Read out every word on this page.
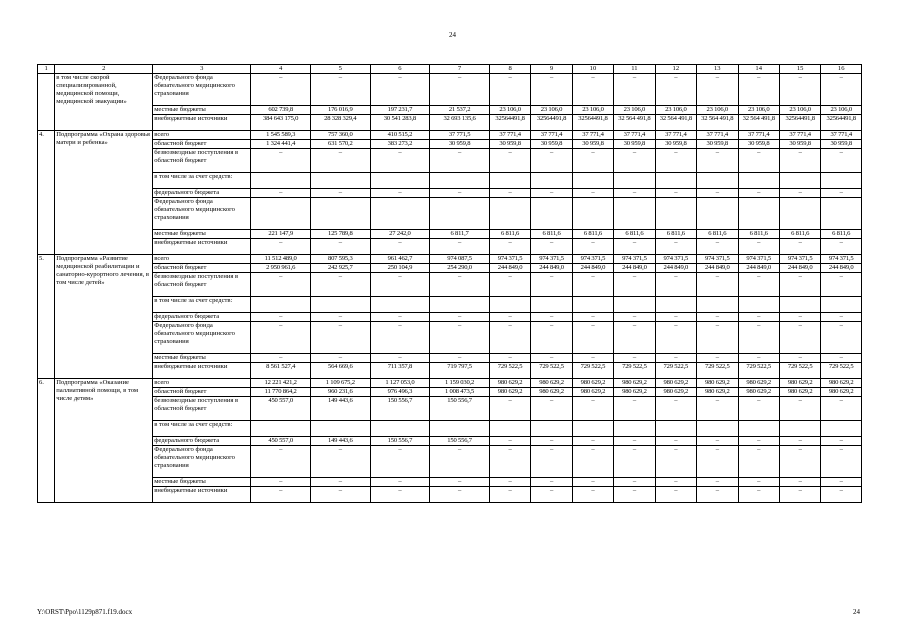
24
1	2	3	4	5	6	7	8	9	10	11	12	13	14	15	16

	в том числе скорой специализированной, медицинской помощи, медицинской эвакуации»	Федерального фонда обязательного медицинского страхования	–	–	–	–	–	–	–	–	–	–	–	–	–
		местные бюджеты	602 739,8	176 016,9	197 231,7	21 537,2	23 106,0	23 106,0	23 106,0	23 106,0	23 106,0	23 106,0	23 106,0	23 106,0	23 106,0
		внебюджетные источники	384 643 175,0	28 328 329,4	30 541 283,8	32 693 135,6	32564491,8	32564491,8	32564491,8	32 564 491,8	32 564 491,8	32 564 491,8	32 564 491,8	32564491,8	32564491,8
4.	Подпрограмма «Охрана здоровья матери и ребенка»	всего	1 545 589,3	757 360,0	410 515,2	37 771,5	37 771,4	37 771,4	37 771,4	37 771,4	37 771,4	37 771,4	37 771,4	37 771,4	37 771,4
		областной бюджет	1 324 441,4	631 570,2	383 273,2	30 959,8	30 959,8	30 959,8	30 959,8	30 959,8	30 959,8	30 959,8	30 959,8	30 959,8	30 959,8
		безвозмездные поступления в областной бюджет	–	–	–	–	–	–	–	–	–	–	–	–	–
		в том числе за счет средств:													
		федерального бюджета	–	–	–	–	–	–	–	–	–	–	–	–	–
		Федерального фонда обязательного медицинского страхования													
		местные бюджеты	221 147,9	125 789,8	27 242,0	6 811,7	6 811,6	6 811,6	6 811,6	6 811,6	6 811,6	6 811,6	6 811,6	6 811,6	6 811,6
		внебюджетные источники	–	–	–	–	–	–	–	–	–	–	–	–	–
5.	Подпрограмма «Развитие медицинской реабилитации и санаторно-курортного лечения, в том числе детей»	всего	11 512 489,0	807 595,3	961 462,7	974 087,5	974 371,5	974 371,5	974 371,5	974 371,5	974 371,5	974 371,5	974 371,5	974 371,5	974 371,5
		областной бюджет	2 950 961,6	242 925,7	250 104,9	254 290,0	244 849,0	244 849,0	244 849,0	244 849,0	244 849,0	244 849,0	244 849,0	244 849,0	244 849,0
		безвозмездные поступления в областной бюджет	–	–	–	–	–	–	–	–	–	–	–	–	–
		в том числе за счет средств:													
		федерального бюджета	–	–	–	–	–	–	–	–	–	–	–	–	–
		Федерального фонда обязательного медицинского страхования	–	–	–	–	–	–	–	–	–	–	–	–	–
		местные бюджеты	–	–	–	–	–	–	–	–	–	–	–	–	–
		внебюджетные источники	8 561 527,4	564 669,6	711 357,8	719 797,5	729 522,5	729 522,5	729 522,5	729 522,5	729 522,5	729 522,5	729 522,5	729 522,5	729 522,5
6.	Подпрограмма «Оказание паллиативной помощи, в том числе детям»	всего	12 221 421,2	1 109 675,2	1 127 053,0	1 159 030,2	980 629,2	980 629,2	980 629,2	980 629,2	980 629,2	980 629,2	980 629,2	980 629,2	980 629,2
		областной бюджет	11 770 864,2	960 231,6	976 496,3	1 008 473,5	980 629,2	980 629,2	980 629,2	980 629,2	980 629,2	980 629,2	980 629,2	980 629,2	980 629,2
		безвозмездные поступления в областной бюджет	450 557,0	149 443,6	150 556,7	150 556,7	–	–	–	–	–	–	–	–	–
		в том числе за счет средств:													
		федерального бюджета	450 557,0	149 443,6	150 556,7	150 556,7	–	–	–	–	–	–	–	–	–
		Федерального фонда обязательного медицинского страхования	–	–	–	–	–	–	–	–	–	–	–	–	–
		местные бюджеты	–	–	–	–	–	–	–	–	–	–	–	–	–
		внебюджетные источники	–	–	–	–	–	–	–	–	–	–	–	–	–
Y:\ORST\Ppo\1129p871.f19.docx	24
